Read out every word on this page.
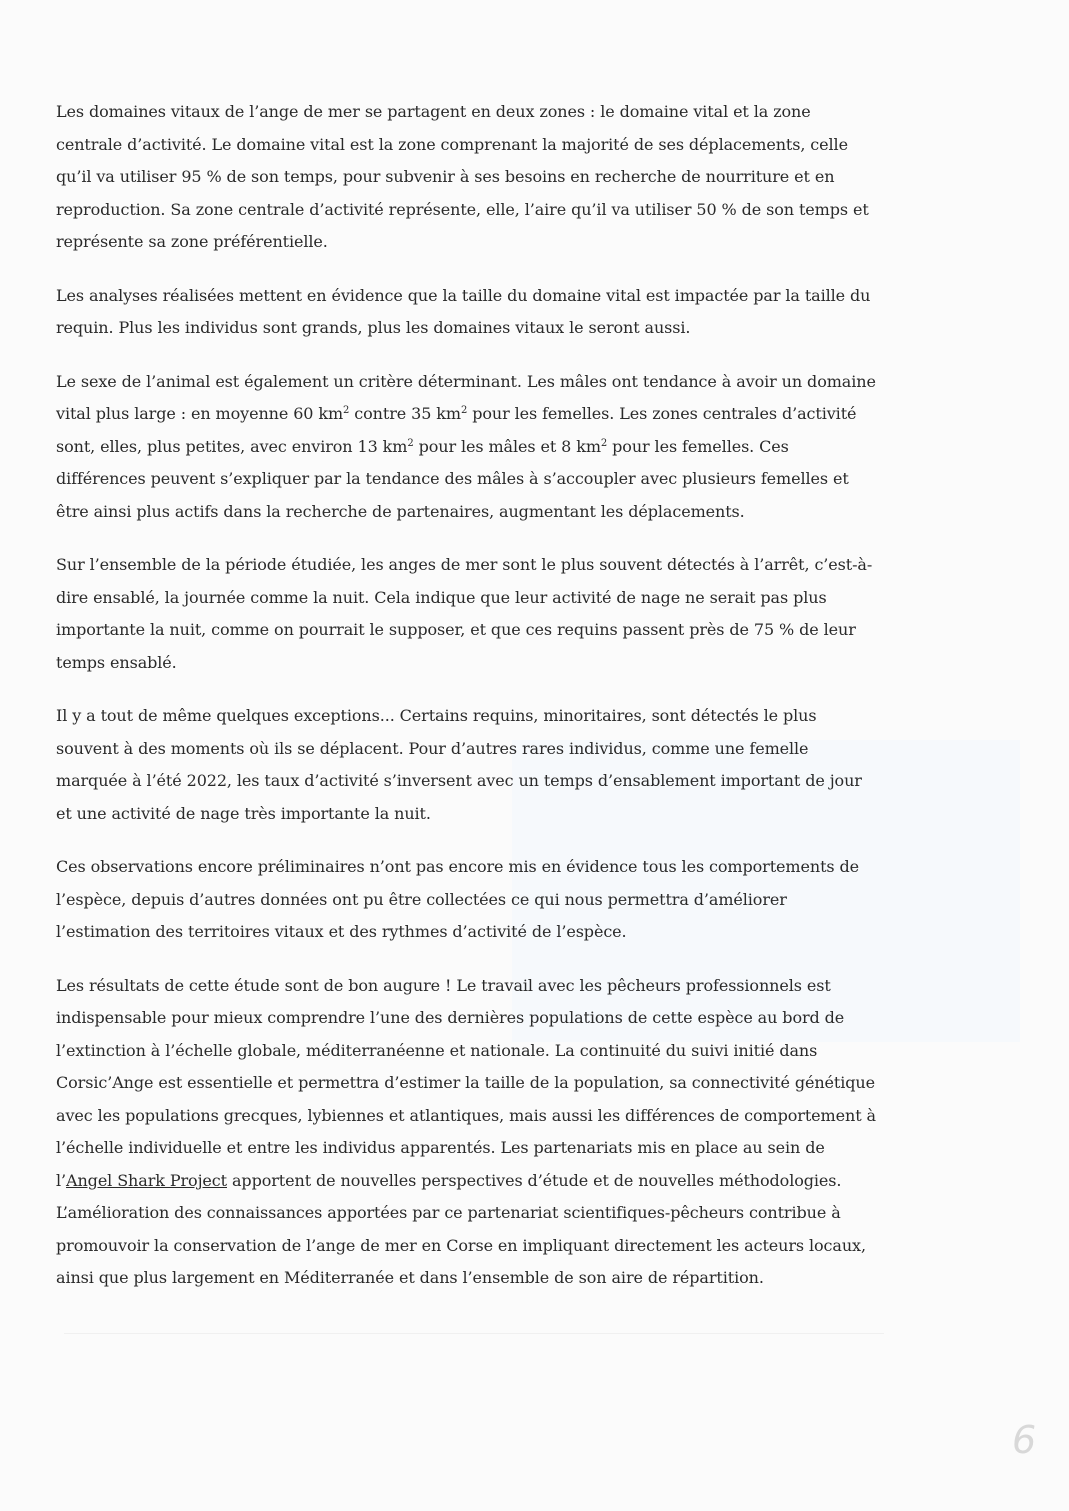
Les domaines vitaux de l’ange de mer se partagent en deux zones : le domaine vital et la zone centrale d’activité. Le domaine vital est la zone comprenant la majorité de ses déplacements, celle qu’il va utiliser 95 % de son temps, pour subvenir à ses besoins en recherche de nourriture et en reproduction. Sa zone centrale d’activité représente, elle, l’aire qu’il va utiliser 50 % de son temps et représente sa zone préférentielle.

Les analyses réalisées mettent en évidence que la taille du domaine vital est impactée par la taille du requin. Plus les individus sont grands, plus les domaines vitaux le seront aussi.

Le sexe de l’animal est également un critère déterminant. Les mâles ont tendance à avoir un domaine vital plus large : en moyenne 60 $km^2$ contre 35 $km^2$ pour les femelles. Les zones centrales d’activité sont, elles, plus petites, avec environ 13 $km^2$ pour les mâles et 8 $km^2$ pour les femelles. Ces différences peuvent s’expliquer par la tendance des mâles à s’accoupler avec plusieurs femelles et être ainsi plus actifs dans la recherche de partenaires, augmentant les déplacements.

Sur l’ensemble de la période étudiée, les anges de mer sont le plus souvent détectés à l’arrêt, c’est-à-dire ensablé, la journée comme la nuit. Cela indique que leur activité de nage ne serait pas plus importante la nuit, comme on pourrait le supposer, et que ces requins passent près de 75 % de leur temps ensablé.

Il y a tout de même quelques exceptions... Certains requins, minoritaires, sont détectés le plus souvent à des moments où ils se déplacent. Pour d’autres rares individus, comme une femelle marquée à l’été 2022, les taux d’activité s’inversent avec un temps d’ensablement important de jour et une activité de nage très importante la nuit.

Ces observations encore préliminaires n’ont pas encore mis en évidence tous les comportements de l’espèce, depuis d’autres données ont pu être collectées ce qui nous permettra d’améliorer l’estimation des territoires vitaux et des rythmes d’activité de l’espèce.

Les résultats de cette étude sont de bon augure ! Le travail avec les pêcheurs professionnels est indispensable pour mieux comprendre l’une des dernières populations de cette espèce au bord de l’extinction à l’échelle globale, méditerranéenne et nationale. La continuité du suivi initié dans Corsic’Ange est essentielle et permettra d’estimer la taille de la population, sa connectivité génétique avec les populations grecques, lybiennes et atlantiques, mais aussi les différences de comportement à l’échelle individuelle et entre les individus apparentés. Les partenariats mis en place au sein de l’Angel Shark Project apportent de nouvelles perspectives d’étude et de nouvelles méthodologies. L’amélioration des connaissances apportées par ce partenariat scientifiques-pêcheurs contribue à promouvoir la conservation de l’ange de mer en Corse en impliquant directement les acteurs locaux, ainsi que plus largement en Méditerranée et dans l’ensemble de son aire de répartition.

6
